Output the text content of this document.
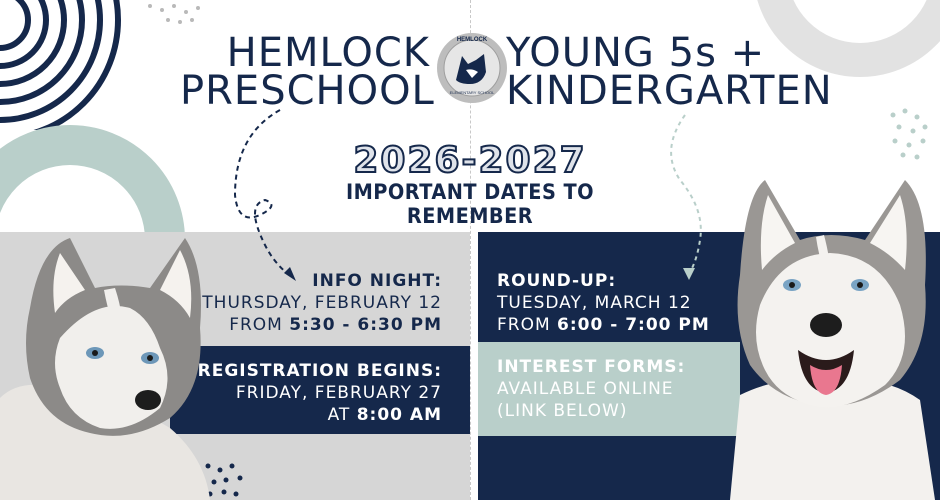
HEMLOCK
PRESCHOOL
HEMLOCK
ELEMENTARY SCHOOL
YOUNG 5s +
KINDERGARTEN
2026-2027
IMPORTANT DATES TO REMEMBER
INFO NIGHT:
THURSDAY, FEBRUARY 12
FROM 5:30 - 6:30 PM
REGISTRATION BEGINS:
FRIDAY, FEBRUARY 27
AT 8:00 AM
ROUND-UP:
TUESDAY, MARCH 12
FROM 6:00 - 7:00 PM
INTEREST FORMS:
AVAILABLE ONLINE
(LINK BELOW)
